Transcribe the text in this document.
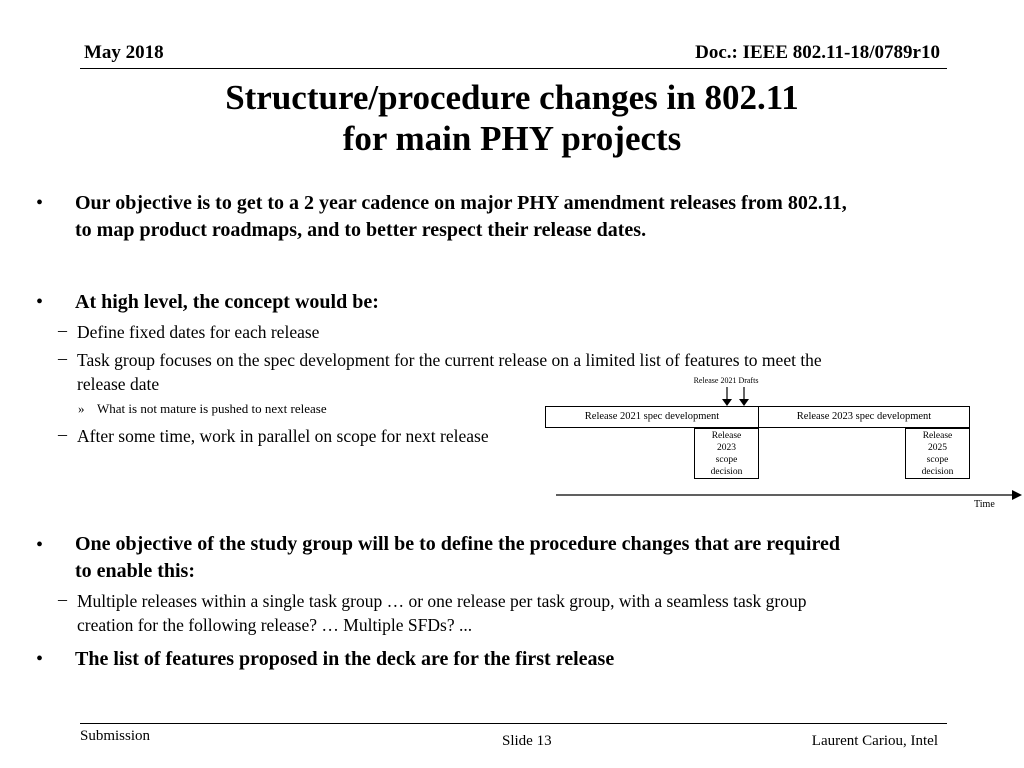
May 2018	Doc.: IEEE 802.11-18/0789r10
Structure/procedure changes in 802.11
for main PHY projects
• Our objective is to get to a 2 year cadence on major PHY amendment releases from 802.11,
to map product roadmaps, and to better respect their release dates.
• At high level, the concept would be:
– Define fixed dates for each release
– Task group focuses on the spec development for the current release on a limited list of features to meet the
release date
» What is not mature is pushed to next release
– After some time, work in parallel on scope for next release
Release 2021 Drafts
Release 2021 spec development	Release 2023 spec development
Release
2023
scope
decision
Release
2025
scope
decision
Time
• One objective of the study group will be to define the procedure changes that are required
to enable this:
– Multiple releases within a single task group … or one release per task group, with a seamless task group
creation for the following release? … Multiple SFDs? ...
• The list of features proposed in the deck are for the first release
Submission	Slide 13	Laurent Cariou, Intel
